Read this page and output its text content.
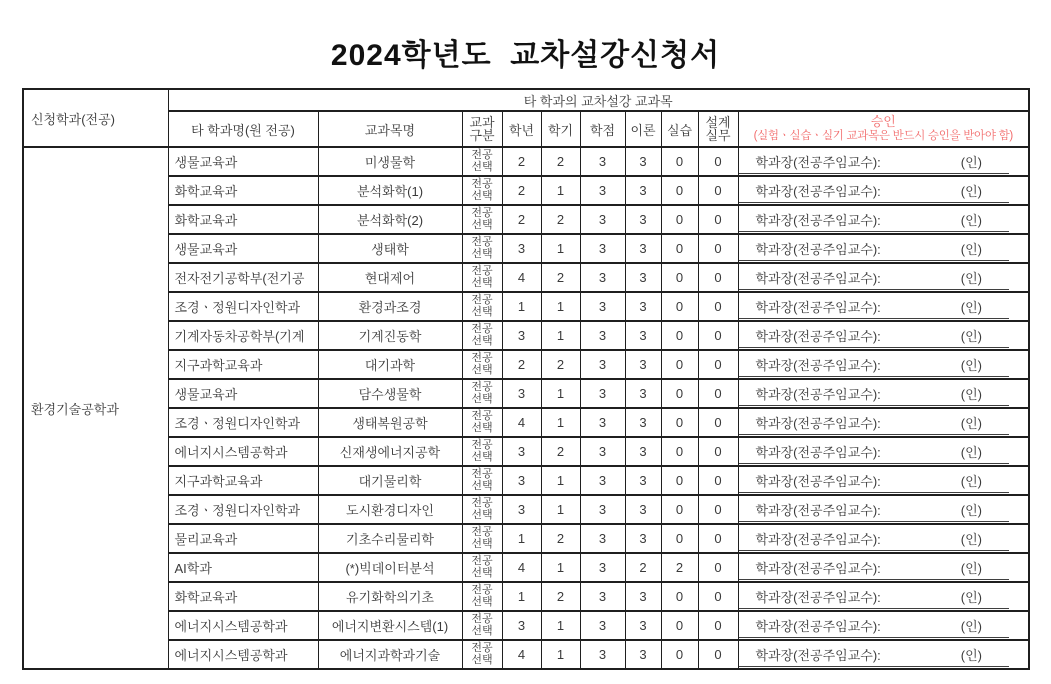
2024학년도  교차설강신청서
신청학과(전공)	타 학과의 교차설강 교과목									
타 학과명(원 전공)	교과목명	교과
구분	학년	학기	학점	이론	실습	설계
실무	
승인
(실험ㆍ실습ㆍ실기 교과목은 반드시 승인을 받아야 함)

환경기술공학과	생물교육과	미생물학	전공
선택	2	2	3	3	0	0	학과장(전공주임교수): (인)

	화학교육과	분석화학(1)	전공
선택	2	1	3	3	0	0	학과장(전공주임교수): (인)

	화학교육과	분석화학(2)	전공
선택	2	2	3	3	0	0	학과장(전공주임교수): (인)

	생물교육과	생태학	전공
선택	3	1	3	3	0	0	학과장(전공주임교수): (인)

	전자전기공학부(전기공	현대제어	전공
선택	4	2	3	3	0	0	학과장(전공주임교수): (인)

	조경ㆍ정원디자인학과	환경과조경	전공
선택	1	1	3	3	0	0	학과장(전공주임교수): (인)

	기계자동차공학부(기계	기계진동학	전공
선택	3	1	3	3	0	0	학과장(전공주임교수): (인)

	지구과학교육과	대기과학	전공
선택	2	2	3	3	0	0	학과장(전공주임교수): (인)

	생물교육과	담수생물학	전공
선택	3	1	3	3	0	0	학과장(전공주임교수): (인)

	조경ㆍ정원디자인학과	생태복원공학	전공
선택	4	1	3	3	0	0	학과장(전공주임교수): (인)

	에너지시스템공학과	신재생에너지공학	전공
선택	3	2	3	3	0	0	학과장(전공주임교수): (인)

	지구과학교육과	대기물리학	전공
선택	3	1	3	3	0	0	학과장(전공주임교수): (인)

	조경ㆍ정원디자인학과	도시환경디자인	전공
선택	3	1	3	3	0	0	학과장(전공주임교수): (인)

	물리교육과	기초수리물리학	전공
선택	1	2	3	3	0	0	학과장(전공주임교수): (인)

	AI학과	(*)빅데이터분석	전공
선택	4	1	3	2	2	0	학과장(전공주임교수): (인)

	화학교육과	유기화학의기초	전공
선택	1	2	3	3	0	0	학과장(전공주임교수): (인)

	에너지시스템공학과	에너지변환시스템(1)	전공
선택	3	1	3	3	0	0	학과장(전공주임교수): (인)

	에너지시스템공학과	에너지과학과기술	전공
선택	4	1	3	3	0	0	학과장(전공주임교수): (인)
